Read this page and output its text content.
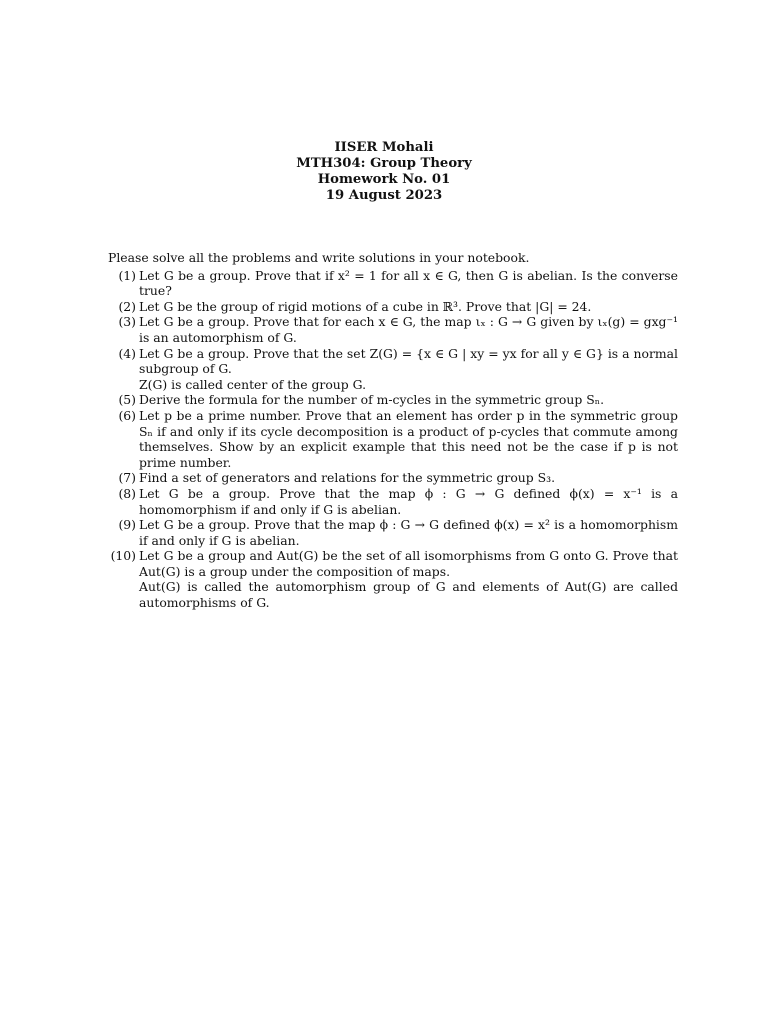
IISER Mohali
MTH304: Group Theory
Homework No. 01
19 August 2023

Please solve all the problems and write solutions in your notebook.

(1) Let G be a group. Prove that if x² = 1 for all x ∈ G, then G is abelian. Is the converse true?
(2) Let G be the group of rigid motions of a cube in ℝ³. Prove that |G| = 24.
(3) Let G be a group. Prove that for each x ∈ G, the map ιₓ : G → G given by ιₓ(g) = gxg⁻¹ is an automorphism of G.
(4) Let G be a group. Prove that the set Z(G) = {x ∈ G | xy = yx for all y ∈ G} is a normal subgroup of G.
Z(G) is called center of the group G.
(5) Derive the formula for the number of m-cycles in the symmetric group Sₙ.
(6) Let p be a prime number. Prove that an element has order p in the symmetric group Sₙ if and only if its cycle decomposition is a product of p-cycles that commute among themselves. Show by an explicit example that this need not be the case if p is not prime number.
(7) Find a set of generators and relations for the symmetric group S₃.
(8) Let G be a group. Prove that the map ϕ : G → G defined ϕ(x) = x⁻¹ is a homomorphism if and only if G is abelian.
(9) Let G be a group. Prove that the map ϕ : G → G defined ϕ(x) = x² is a homomorphism if and only if G is abelian.
(10) Let G be a group and Aut(G) be the set of all isomorphisms from G onto G. Prove that Aut(G) is a group under the composition of maps.
Aut(G) is called the automorphism group of G and elements of Aut(G) are called automorphisms of G.
